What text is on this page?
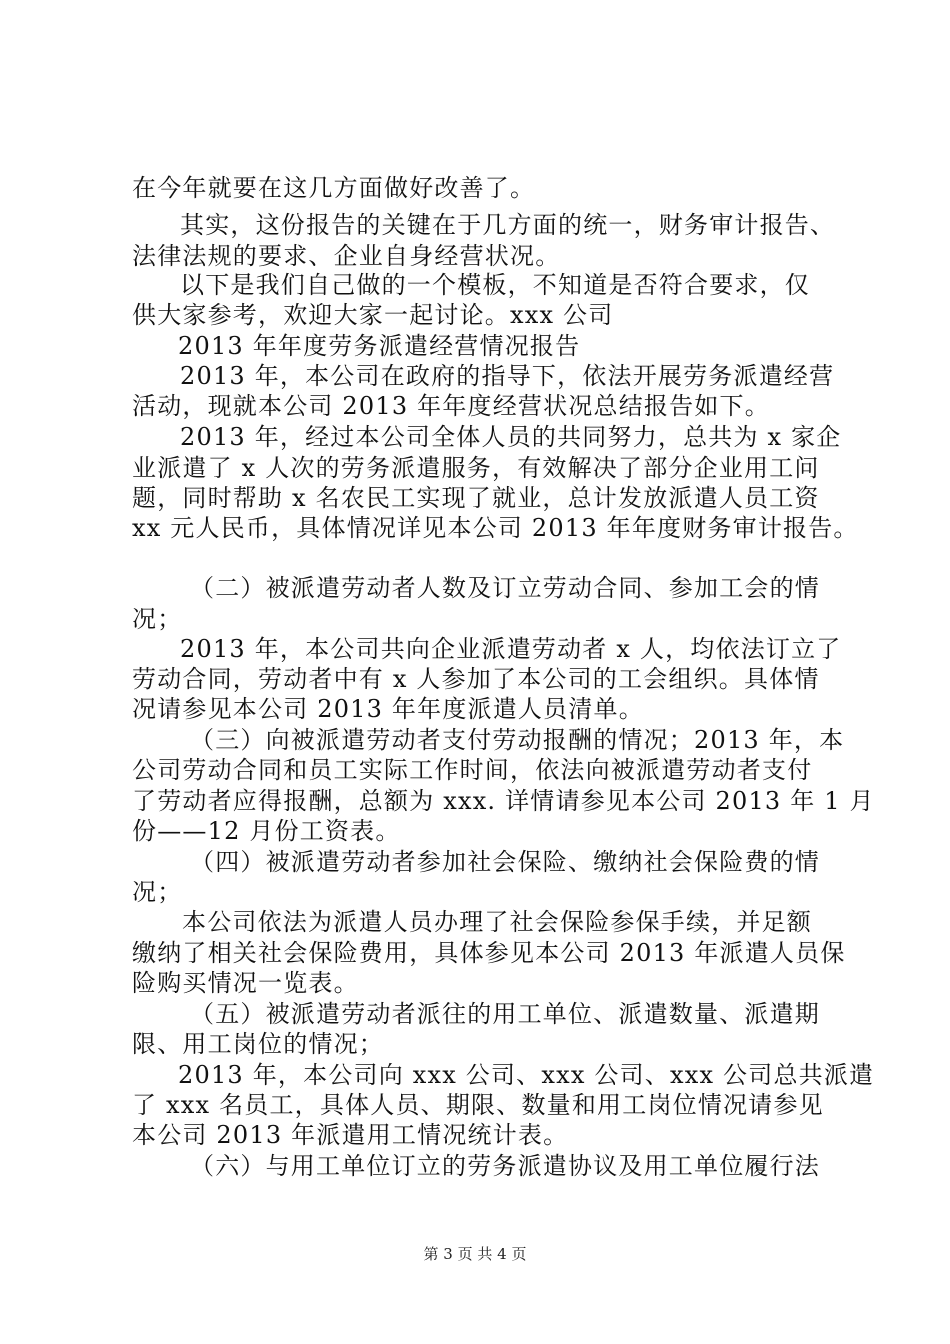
在今年就要在这几方面做好改善了。
其实，这份报告的关键在于几方面的统一，财务审计报告、
法律法规的要求、企业自身经营状况。
以下是我们自己做的一个模板，不知道是否符合要求，仅
供大家参考，欢迎大家一起讨论。xxx 公司
2013 年年度劳务派遣经营情况报告
2013 年，本公司在政府的指导下，依法开展劳务派遣经营
活动，现就本公司 2013 年年度经营状况总结报告如下。
2013 年，经过本公司全体人员的共同努力，总共为 x 家企
业派遣了 x 人次的劳务派遣服务，有效解决了部分企业用工问
题，同时帮助 x 名农民工实现了就业，总计发放派遣人员工资
xx 元人民币，具体情况详见本公司 2013 年年度财务审计报告。
（二）被派遣劳动者人数及订立劳动合同、参加工会的情
况；
2013 年，本公司共向企业派遣劳动者 x 人，均依法订立了
劳动合同，劳动者中有 x 人参加了本公司的工会组织。具体情
况请参见本公司 2013 年年度派遣人员清单。
（三）向被派遣劳动者支付劳动报酬的情况；2013 年，本
公司劳动合同和员工实际工作时间，依法向被派遣劳动者支付
了劳动者应得报酬，总额为 xxx. 详情请参见本公司 2013 年 1 月
份——12 月份工资表。
（四）被派遣劳动者参加社会保险、缴纳社会保险费的情
况；
本公司依法为派遣人员办理了社会保险参保手续，并足额
缴纳了相关社会保险费用，具体参见本公司 2013 年派遣人员保
险购买情况一览表。
（五）被派遣劳动者派往的用工单位、派遣数量、派遣期
限、用工岗位的情况；
2013 年，本公司向 xxx 公司、xxx 公司、xxx 公司总共派遣
了 xxx 名员工，具体人员、期限、数量和用工岗位情况请参见
本公司 2013 年派遣用工情况统计表。
（六）与用工单位订立的劳务派遣协议及用工单位履行法
第 3 页 共 4 页
